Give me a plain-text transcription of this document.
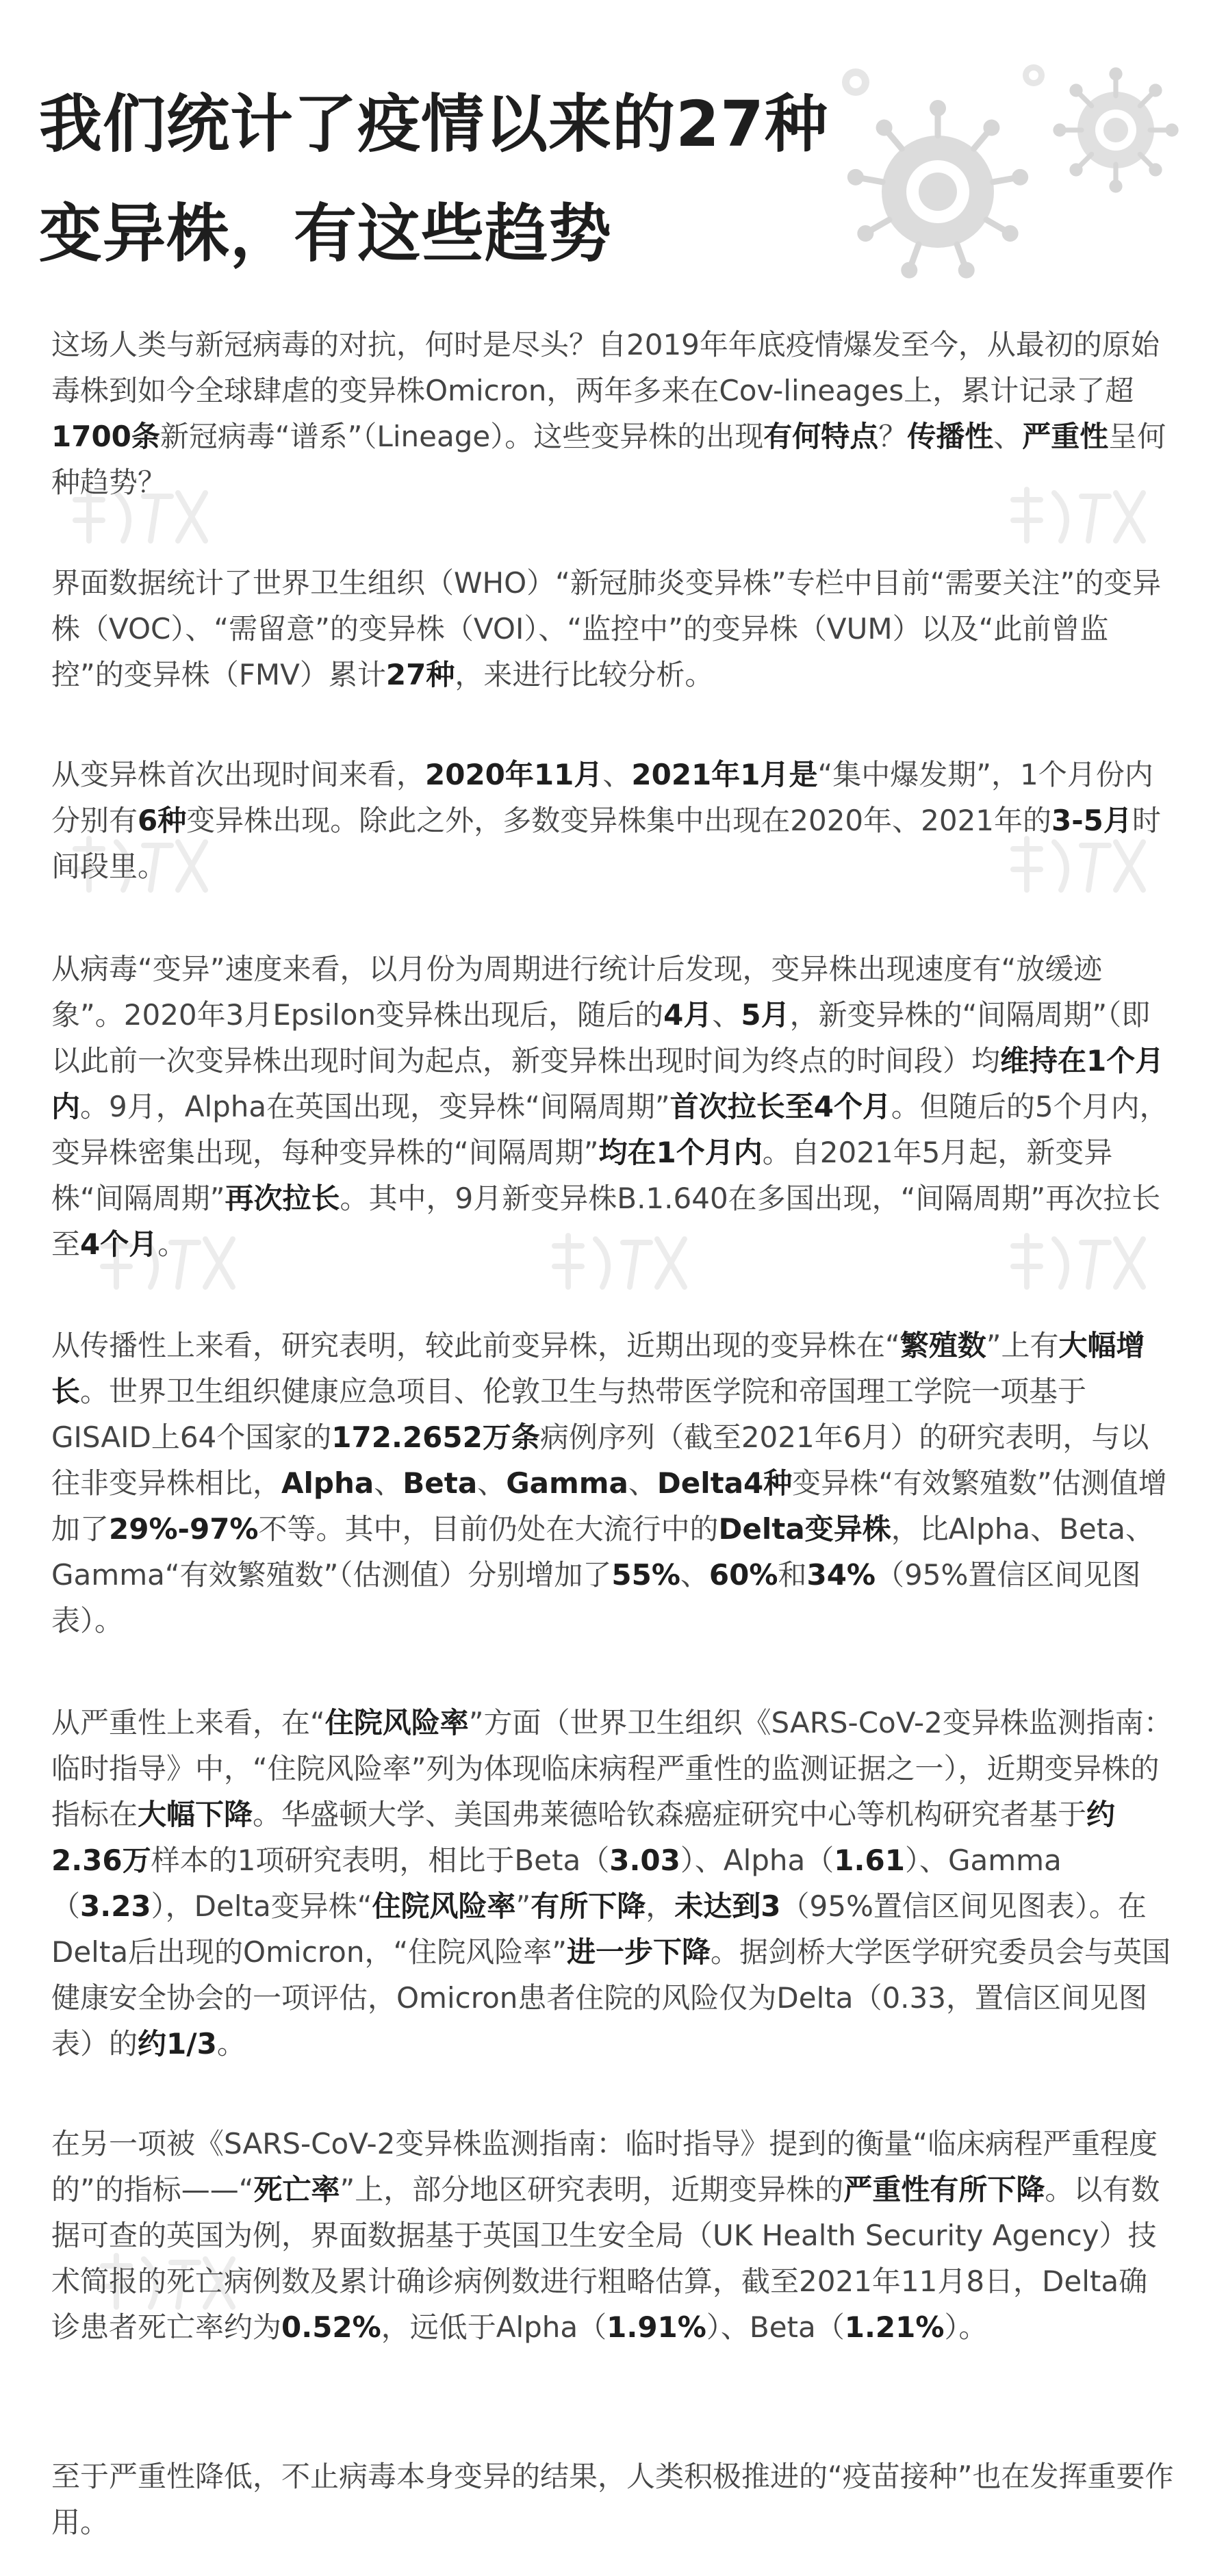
我们统计了疫情以来的27种
变异株，有这些趋势

这场人类与新冠病毒的对抗，何时是尽头？自2019年年底疫情爆发至今，从最初的原始毒株到如今全球肆虐的变异株Omicron，两年多来在Cov-lineages上，累计记录了超1700条新冠病毒“谱系”（Lineage）。这些变异株的出现有何特点？传播性、严重性呈何种趋势？

界面数据统计了世界卫生组织（WHO）“新冠肺炎变异株”专栏中目前“需要关注”的变异株（VOC）、“需留意”的变异株（VOI）、“监控中”的变异株（VUM）以及“此前曾监控”的变异株（FMV）累计27种，来进行比较分析。

从变异株首次出现时间来看，2020年11月、2021年1月是“集中爆发期”，1个月份内分别有6种变异株出现。除此之外，多数变异株集中出现在2020年、2021年的3-5月时间段里。

从病毒“变异”速度来看，以月份为周期进行统计后发现，变异株出现速度有“放缓迹象”。2020年3月Epsilon变异株出现后，随后的4月、5月，新变异株的“间隔周期”（即以此前一次变异株出现时间为起点，新变异株出现时间为终点的时间段）均维持在1个月内。9月，Alpha在英国出现，变异株“间隔周期”首次拉长至4个月。但随后的5个月内，变异株密集出现，每种变异株的“间隔周期”均在1个月内。自2021年5月起，新变异株“间隔周期”再次拉长。其中，9月新变异株B.1.640在多国出现，“间隔周期”再次拉长至4个月。

从传播性上来看，研究表明，较此前变异株，近期出现的变异株在“繁殖数”上有大幅增长。世界卫生组织健康应急项目、伦敦卫生与热带医学院和帝国理工学院一项基于GISAID上64个国家的172.2652万条病例序列（截至2021年6月）的研究表明，与以往非变异株相比，Alpha、Beta、Gamma、Delta4种变异株“有效繁殖数”估测值增加了29%-97%不等。其中，目前仍处在大流行中的Delta变异株，比Alpha、Beta、Gamma“有效繁殖数”（估测值）分别增加了55%、60%和34%（95%置信区间见图表）。

从严重性上来看，在“住院风险率”方面（世界卫生组织《SARS-CoV-2变异株监测指南：临时指导》中，“住院风险率”列为体现临床病程严重性的监测证据之一），近期变异株的指标在大幅下降。华盛顿大学、美国弗莱德哈钦森癌症研究中心等机构研究者基于约2.36万样本的1项研究表明，相比于Beta（3.03）、Alpha（1.61）、Gamma（3.23），Delta变异株“住院风险率”有所下降，未达到3（95%置信区间见图表）。在Delta后出现的Omicron，“住院风险率”进一步下降。据剑桥大学医学研究委员会与英国健康安全协会的一项评估，Omicron患者住院的风险仅为Delta（0.33，置信区间见图表）的约1/3。

在另一项被《SARS-CoV-2变异株监测指南：临时指导》提到的衡量“临床病程严重程度的”的指标——“死亡率”上，部分地区研究表明，近期变异株的严重性有所下降。以有数据可查的英国为例，界面数据基于英国卫生安全局（UK Health Security Agency）技术简报的死亡病例数及累计确诊病例数进行粗略估算，截至2021年11月8日，Delta确诊患者死亡率约为0.52%，远低于Alpha（1.91%）、Beta（1.21%）。

至于严重性降低，不止病毒本身变异的结果，人类积极推进的“疫苗接种”也在发挥重要作用。
